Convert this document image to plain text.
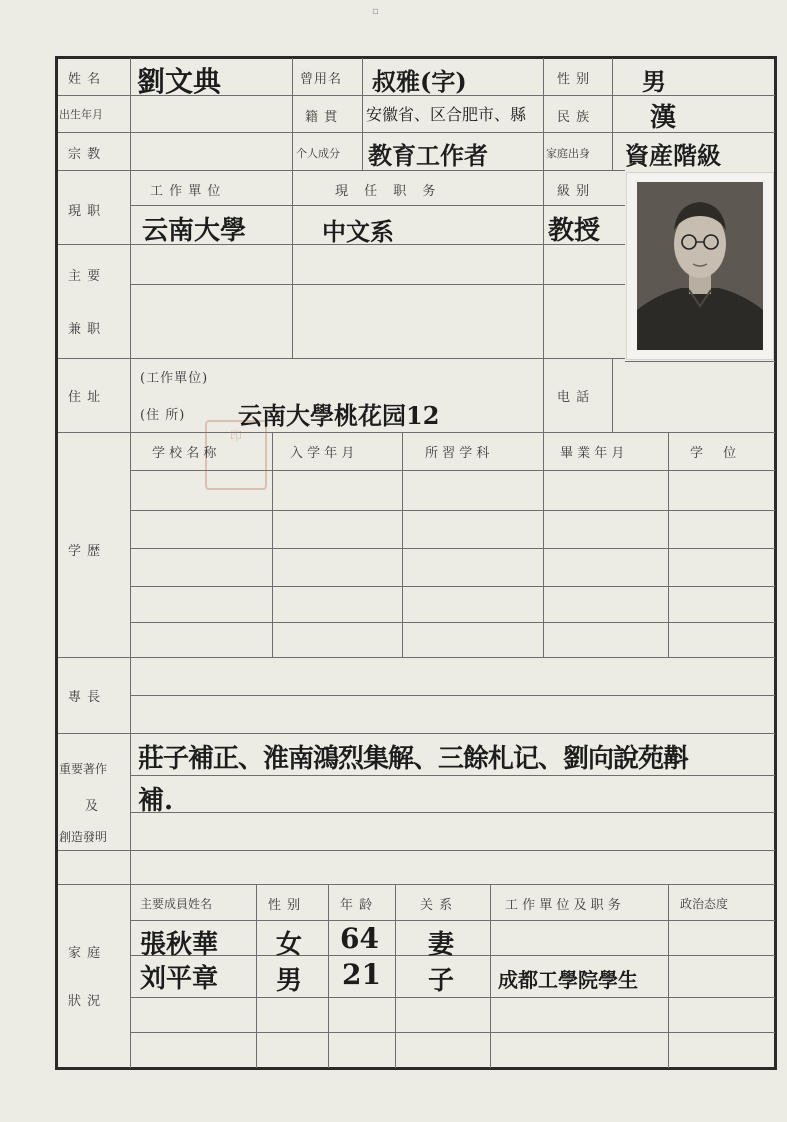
▫
印
姓 名 劉文典	曾用名 叔雅(字)	性 别 男
出生年月	籍 貫 安徽省、区合肥市、縣 民 族 漢
宗 教	个人成分 教育工作者	家庭出身 資産階級
現 职
工 作 單 位	現 任 职 务	級 别
云南大學	中文系	教授
主 要
兼 职
住 址
(工作單位)
(住 所) 云南大學桃花园12
电 話
学 歴
学 校 名 称	入 学 年 月	所 習 学 科	畢 業 年 月	学 位
專 長
重要著作
及
創造發明
莊子補正、淮南鴻烈集解、三餘札记、劉向說苑斠
補.
家 庭
狀 況
主要成員姓名	性 别	年 龄	关 系	工 作 單 位 及 职 务	政治态度
張秋華 女 64 妻
刘平章 男 21 子 成都工學院學生
